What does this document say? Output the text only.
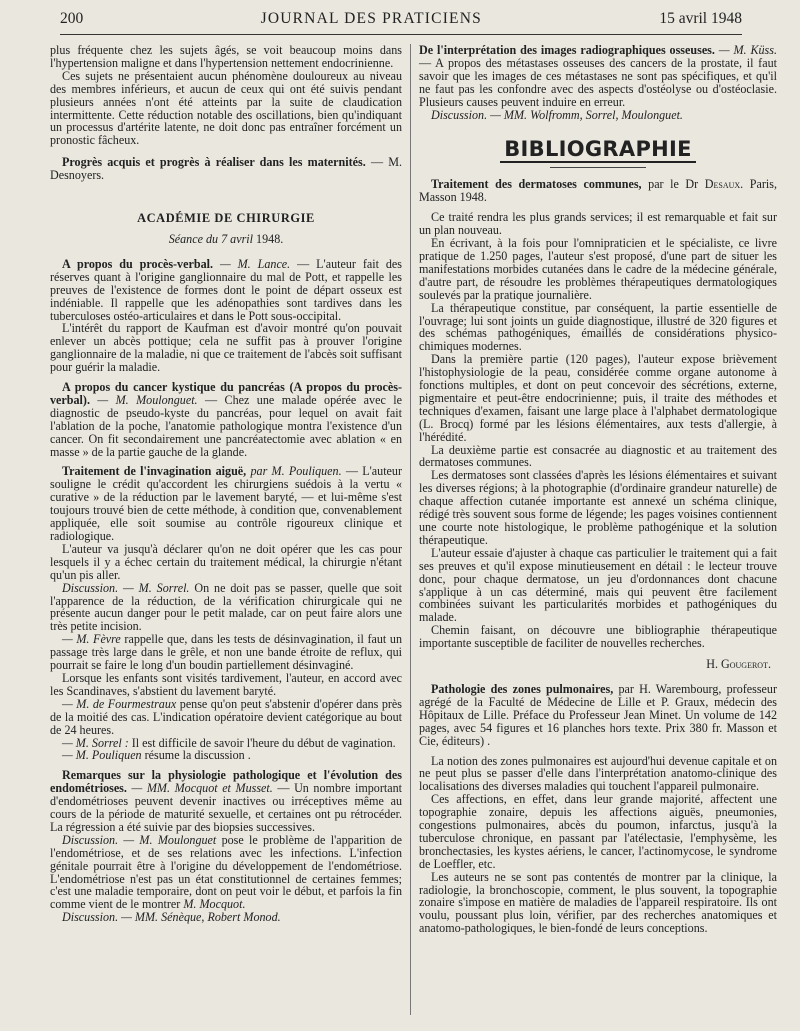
200	JOURNAL DES PRATICIENS	15 avril 1948

plus fréquente chez les sujets âgés, se voit beaucoup moins dans l'hypertension maligne et dans l'hypertension nettement endocrinienne.

Ces sujets ne présentaient aucun phénomène douloureux au niveau des membres inférieurs, et aucun de ceux qui ont été suivis pendant plusieurs années n'ont été atteints par la suite de claudication intermittente. Cette réduction notable des oscillations, bien qu'indiquant un processus d'artérite latente, ne doit donc pas entraîner forcément un pronostic fâcheux.

Progrès acquis et progrès à réaliser dans les maternités. — M. Desnoyers.

ACADÉMIE DE CHIRURGIE
Séance du 7 avril 1948.

A propos du procès-verbal. — M. Lance. — L'auteur fait des réserves quant à l'origine ganglionnaire du mal de Pott, et rappelle les preuves de l'existence de formes dont le point de départ osseux est indéniable. Il rappelle que les adénopathies sont tardives dans les tuberculoses ostéo-articulaires et dans le Pott sous-occipital.

L'intérêt du rapport de Kaufman est d'avoir montré qu'on pouvait enlever un abcès pottique; cela ne suffit pas à prouver l'origine ganglionnaire de la maladie, ni que ce traitement de l'abcès soit suffisant pour guérir la maladie.

A propos du cancer kystique du pancréas (A propos du procès-verbal). — M. Moulonguet. — Chez une malade opérée avec le diagnostic de pseudo-kyste du pancréas, pour lequel on avait fait l'ablation de la poche, l'anatomie pathologique montra l'existence d'un cancer. On fit secondairement une pancréatectomie avec ablation « en masse » de la partie gauche de la glande.

Traitement de l'invagination aiguë, par M. Pouliquen. — L'auteur souligne le crédit qu'accordent les chirurgiens suédois à la vertu « curative » de la réduction par le lavement baryté, — et lui-même s'est toujours trouvé bien de cette méthode, à condition que, convenablement appliquée, elle soit soumise au contrôle rigoureux clinique et radiologique.

L'auteur va jusqu'à déclarer qu'on ne doit opérer que les cas pour lesquels il y a échec certain du traitement médical, la chirurgie n'étant qu'un pis aller.

Discussion. — M. Sorrel. On ne doit pas se passer, quelle que soit l'apparence de la réduction, de la vérification chirurgicale qui ne présente aucun danger pour le petit malade, car on peut faire alors une très petite incision.

— M. Fèvre rappelle que, dans les tests de désinvagination, il faut un passage très large dans le grêle, et non une bande étroite de reflux, qui pourrait se faire le long d'un boudin partiellement désinvaginé.

Lorsque les enfants sont visités tardivement, l'auteur, en accord avec les Scandinaves, s'abstient du lavement baryté.

— M. de Fourmestraux pense qu'on peut s'abstenir d'opérer dans près de la moitié des cas. L'indication opératoire devient catégorique au bout de 24 heures.

— M. Sorrel : Il est difficile de savoir l'heure du début de vagination.

— M. Pouliquen résume la discussion .

Remarques sur la physiologie pathologique et l'évolution des endométrioses. — MM. Mocquot et Musset. — Un nombre important d'endométrioses peuvent devenir inactives ou irréceptives même au cours de la période de maturité sexuelle, et certaines ont pu rétrocéder. La régression a été suivie par des biopsies successives.

Discussion. — M. Moulonguet pose le problème de l'apparition de l'endométriose, et de ses relations avec les infections. L'infection génitale pourrait être à l'origine du développement de l'endométriose. L'endométriose n'est pas un état constitutionnel de certaines femmes; c'est une maladie temporaire, dont on peut voir le début, et parfois la fin comme vient de le montrer M. Mocquot.

Discussion. — MM. Sénèque, Robert Monod.

De l'interprétation des images radiographiques osseuses. — M. Küss. — A propos des métastases osseuses des cancers de la prostate, il faut savoir que les images de ces métastases ne sont pas spécifiques, et qu'il ne faut pas les confondre avec des aspects d'ostéolyse ou d'ostéoclasie. Plusieurs causes peuvent induire en erreur.

Discussion. — MM. Wolfromm, Sorrel, Moulonguet.

BIBLIOGRAPHIE

Traitement des dermatoses communes, par le Dr Desaux. Paris, Masson 1948.

Ce traité rendra les plus grands services; il est remarquable et fait sur un plan nouveau.

En écrivant, à la fois pour l'omnipraticien et le spécialiste, ce livre pratique de 1.250 pages, l'auteur s'est proposé, d'une part de situer les manifestations morbides cutanées dans le cadre de la médecine générale, d'autre part, de résoudre les problèmes thérapeutiques dermatologiques soulevés par la pratique journalière.

La thérapeutique constitue, par conséquent, la partie essentielle de l'ouvrage; lui sont joints un guide diagnostique, illustré de 320 figures et des schémas pathogéniques, émaillés de considérations physico-chimiques modernes.

Dans la première partie (120 pages), l'auteur expose brièvement l'histophysiologie de la peau, considérée comme organe autonome à fonctions multiples, et dont on peut concevoir des sécrétions, externe, pigmentaire et peut-être endocrinienne; puis, il traite des méthodes et techniques d'examen, faisant une large place à l'alphabet dermatologique (L. Brocq) formé par les lésions élémentaires, aux tests d'allergie, à l'hérédité.

La deuxième partie est consacrée au diagnostic et au traitement des dermatoses communes.

Les dermatoses sont classées d'après les lésions élémentaires et suivant les diverses régions; à la photographie (d'ordinaire grandeur naturelle) de chaque affection cutanée importante est annexé un schéma clinique, rédigé très souvent sous forme de légende; les pages voisines contiennent une courte note histologique, le problème pathogénique et la solution thérapeutique.

L'auteur essaie d'ajuster à chaque cas particulier le traitement qui a fait ses preuves et qu'il expose minutieusement en détail : le lecteur trouve donc, pour chaque dermatose, un jeu d'ordonnances dont chacune s'applique à un cas déterminé, mais qui peuvent être facilement combinées suivant les particularités morbides et pathogéniques du malade.

Chemin faisant, on découvre une bibliographie thérapeutique importante susceptible de faciliter de nouvelles recherches.

H. Gougerot.

Pathologie des zones pulmonaires, par H. Warembourg, professeur agrégé de la Faculté de Médecine de Lille et P. Graux, médecin des Hôpitaux de Lille. Préface du Professeur Jean Minet. Un volume de 142 pages, avec 54 figures et 16 planches hors texte. Prix 380 fr. Masson et Cie, éditeurs) .

La notion des zones pulmonaires est aujourd'hui devenue capitale et on ne peut plus se passer d'elle dans l'interprétation anatomo-clinique des localisations des diverses maladies qui touchent l'appareil pulmonaire.

Ces affections, en effet, dans leur grande majorité, affectent une topographie zonaire, depuis les affections aiguës, pneumonies, congestions pulmonaires, abcès du poumon, infarctus, jusqu'à la tuberculose chronique, en passant par l'atélectasie, l'emphysème, les bronchectasies, les kystes aériens, le cancer, l'actinomycose, le syndrome de Loeffler, etc.

Les auteurs ne se sont pas contentés de montrer par la clinique, la radiologie, la bronchoscopie, comment, le plus souvent, la topographie zonaire s'impose en matière de maladies de l'appareil respiratoire. Ils ont voulu, poussant plus loin, vérifier, par des recherches anatomiques et anatomo-pathologiques, le bien-fondé de leurs conceptions.
